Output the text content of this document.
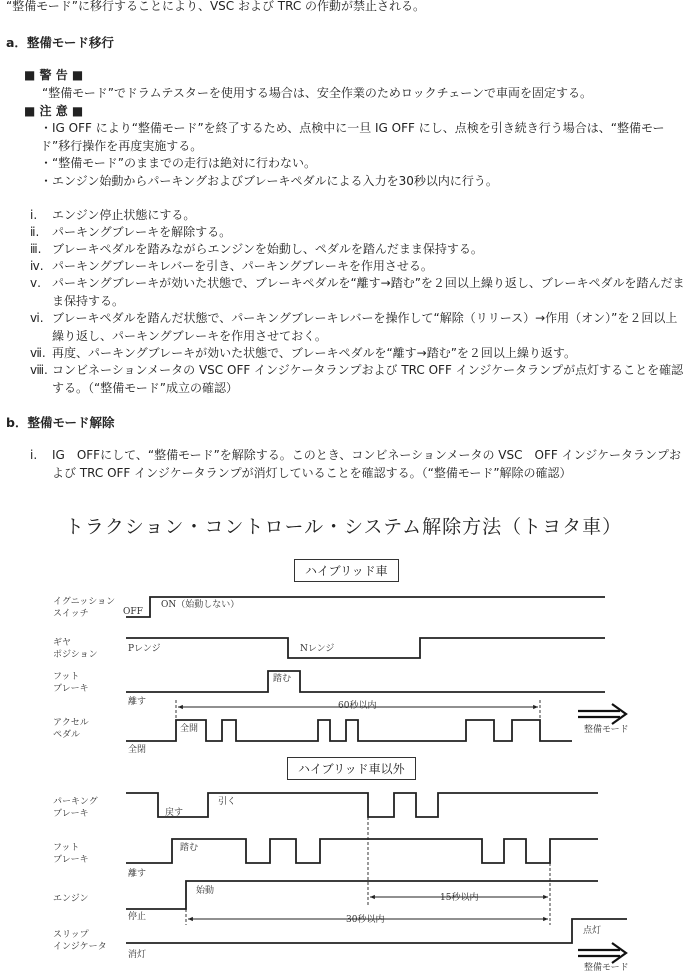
“整備モード”に移行することにより、VSC および TRC の作動が禁止される。
a．整備モード移行
■ 警 告 ■
“整備モード”でドラムテスターを使用する場合は、安全作業のためロックチェーンで車両を固定する。
■ 注 意 ■
・IG OFF により“整備モード”を終了するため、点検中に一旦 IG OFF にし、点検を引き続き行う場合は、“整備モード”移行操作を再度実施する。
・“整備モード”のままでの走行は絶対に行わない。
・エンジン始動からパーキングおよびブレーキペダルによる入力を30秒以内に行う。
ⅰ.	エンジン停止状態にする。
ⅱ.	パーキングブレーキを解除する。
ⅲ. ブレーキペダルを踏みながらエンジンを始動し、ペダルを踏んだまま保持する。
ⅳ. パーキングブレーキレバーを引き、パーキングブレーキを作用させる。
ⅴ. パーキングブレーキが効いた状態で、ブレーキペダルを“離す→踏む”を２回以上繰り返し、ブレーキペダルを踏んだまま保持する。
ⅵ. ブレーキペダルを踏んだ状態で、パーキングブレーキレバーを操作して“解除（リリース）→作用（オン）”を２回以上繰り返し、パーキングブレーキを作用させておく。
ⅶ. 再度、パーキングブレーキが効いた状態で、ブレーキペダルを“離す→踏む”を２回以上繰り返す。
ⅷ. コンビネーションメータの VSC OFF インジケータランプおよび TRC OFF インジケータランプが点灯することを確認する。（“整備モード”成立の確認）
b．整備モード解除
ⅰ.	IG　OFFにして、“整備モード”を解除する。このとき、コンビネーションメータの VSC　OFF インジケータランプおよび TRC OFF インジケータランプが消灯していることを確認する。（“整備モード”解除の確認）
トラクション・コントロール・システム解除方法（トヨタ車）
ハイブリッド車
ハイブリッド車以外
イグニッション
スイッチ	OFF
ON（始動しない）
ギヤ
ポジション
Pレンジ	Nレンジ
フット
ブレーキ
離す
踏む
アクセル
ペダル
全閉
全開
60秒以内
整備モード
パーキング
ブレーキ	戻す
引く
フット
ブレーキ
離す
踏む
エンジン
停止
始動
スリップ
インジケータ
消灯
点灯
15秒以内
30秒以内
整備モード
